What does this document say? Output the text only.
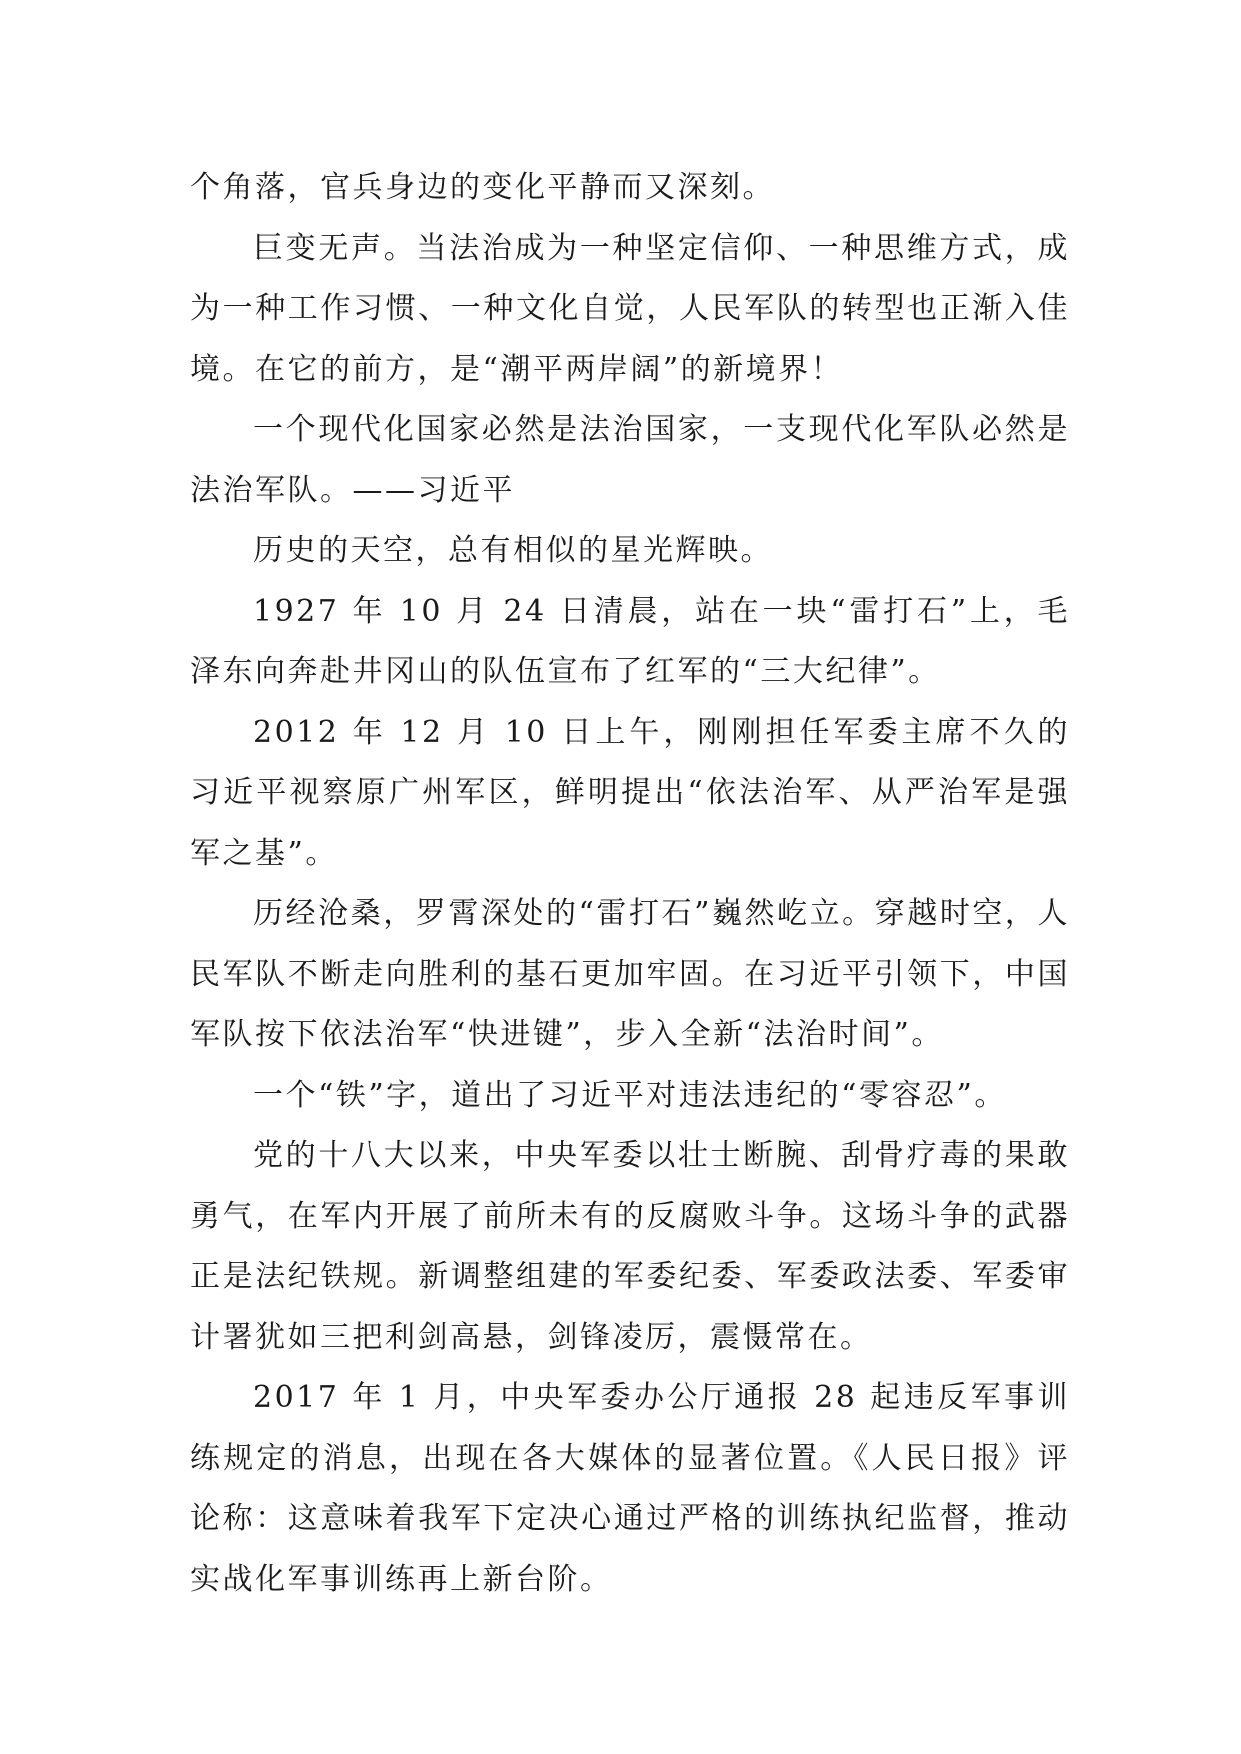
个角落，官兵身边的变化平静而又深刻。

巨变无声。当法治成为一种坚定信仰、一种思维方式，成为一种工作习惯、一种文化自觉，人民军队的转型也正渐入佳境。在它的前方，是“潮平两岸阔”的新境界！

一个现代化国家必然是法治国家，一支现代化军队必然是法治军队。——习近平

历史的天空，总有相似的星光辉映。

1927 年 10 月 24 日清晨，站在一块“雷打石”上，毛泽东向奔赴井冈山的队伍宣布了红军的“三大纪律”。

2012 年 12 月 10 日上午，刚刚担任军委主席不久的习近平视察原广州军区，鲜明提出“依法治军、从严治军是强军之基”。

历经沧桑，罗霄深处的“雷打石”巍然屹立。穿越时空，人民军队不断走向胜利的基石更加牢固。在习近平引领下，中国军队按下依法治军“快进键”，步入全新“法治时间”。

一个“铁”字，道出了习近平对违法违纪的“零容忍”。

党的十八大以来，中央军委以壮士断腕、刮骨疗毒的果敢勇气，在军内开展了前所未有的反腐败斗争。这场斗争的武器正是法纪铁规。新调整组建的军委纪委、军委政法委、军委审计署犹如三把利剑高悬，剑锋凌厉，震慑常在。

2017 年 1 月，中央军委办公厅通报 28 起违反军事训练规定的消息，出现在各大媒体的显著位置。《人民日报》评论称：这意味着我军下定决心通过严格的训练执纪监督，推动实战化军事训练再上新台阶。
